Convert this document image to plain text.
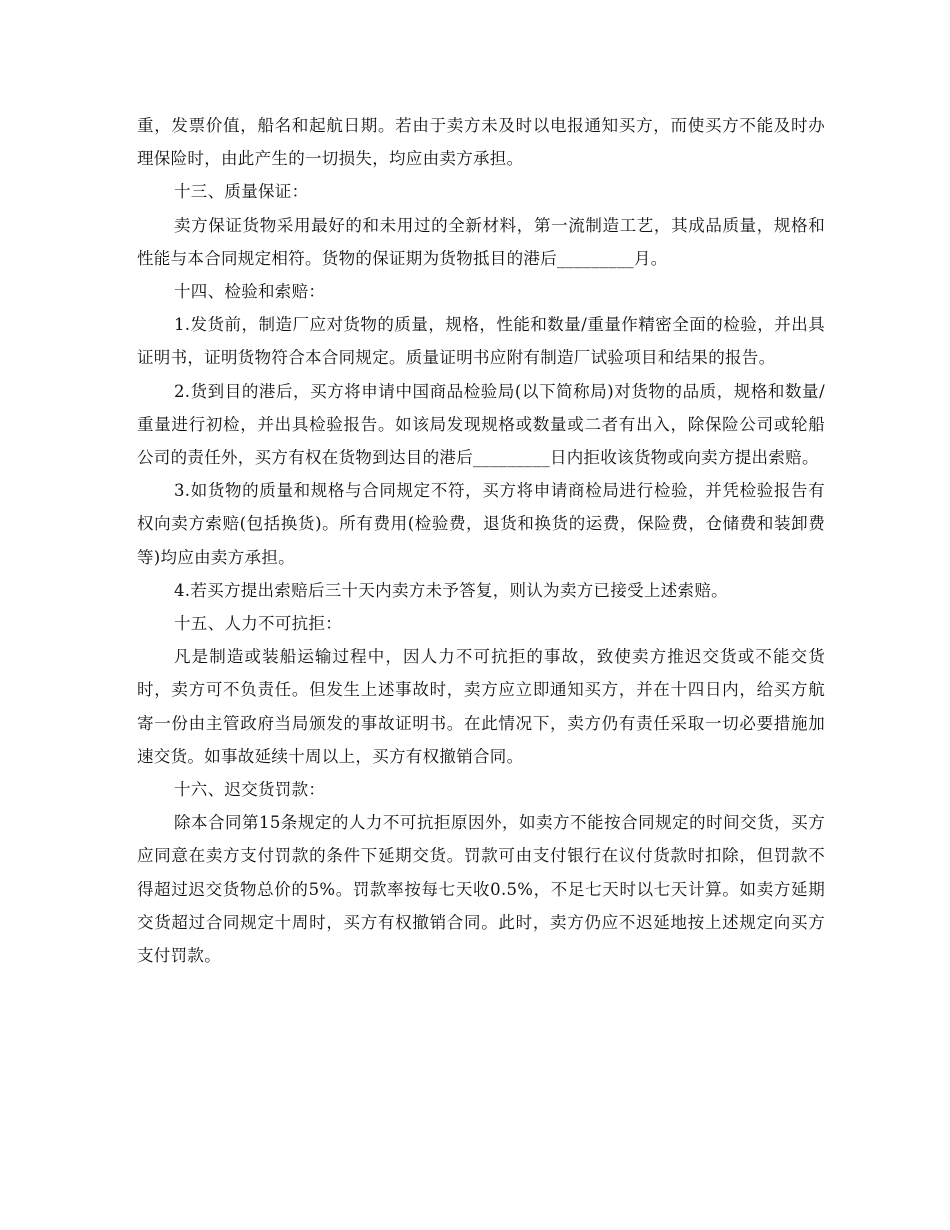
重，发票价值，船名和起航日期。若由于卖方未及时以电报通知买方，而使买方不能及时办理保险时，由此产生的一切损失，均应由卖方承担。

十三、质量保证：

卖方保证货物采用最好的和未用过的全新材料，第一流制造工艺，其成品质量，规格和性能与本合同规定相符。货物的保证期为货物抵目的港后_________月。

十四、检验和索赔：

1.发货前，制造厂应对货物的质量，规格，性能和数量/重量作精密全面的检验，并出具证明书，证明货物符合本合同规定。质量证明书应附有制造厂试验项目和结果的报告。

2.货到目的港后，买方将申请中国商品检验局(以下简称局)对货物的品质，规格和数量/重量进行初检，并出具检验报告。如该局发现规格或数量或二者有出入，除保险公司或轮船公司的责任外，买方有权在货物到达目的港后_________日内拒收该货物或向卖方提出索赔。

3.如货物的质量和规格与合同规定不符，买方将申请商检局进行检验，并凭检验报告有权向卖方索赔(包括换货)。所有费用(检验费，退货和换货的运费，保险费，仓储费和装卸费等)均应由卖方承担。

4.若买方提出索赔后三十天内卖方未予答复，则认为卖方已接受上述索赔。

十五、人力不可抗拒：

凡是制造或装船运输过程中，因人力不可抗拒的事故，致使卖方推迟交货或不能交货时，卖方可不负责任。但发生上述事故时，卖方应立即通知买方，并在十四日内，给买方航寄一份由主管政府当局颁发的事故证明书。在此情况下，卖方仍有责任采取一切必要措施加速交货。如事故延续十周以上，买方有权撤销合同。

十六、迟交货罚款：

除本合同第15条规定的人力不可抗拒原因外，如卖方不能按合同规定的时间交货，买方应同意在卖方支付罚款的条件下延期交货。罚款可由支付银行在议付货款时扣除，但罚款不得超过迟交货物总价的5%。罚款率按每七天收0.5%，不足七天时以七天计算。如卖方延期交货超过合同规定十周时，买方有权撤销合同。此时，卖方仍应不迟延地按上述规定向买方支付罚款。
